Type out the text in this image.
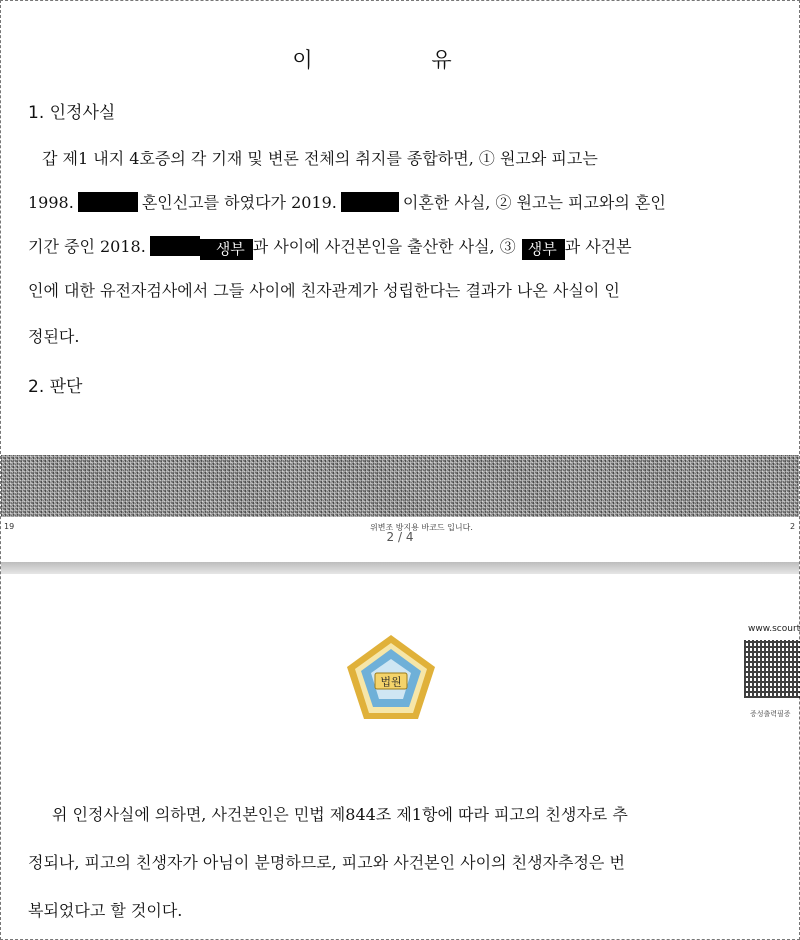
이 유
1. 인정사실
갑 제1 내지 4호증의 각 기재 및 변론 전체의 취지를 종합하면, ① 원고와 피고는
1998.	혼인신고를 하였다가 2019.	이혼한 사실, ② 원고는 피고와의 혼인
기간 중인 2018.	생부 과 사이에 사건본인을 출산한 사실, ③ 생부 과 사건본
인에 대한 유전자검사에서 그들 사이에 친자관계가 성립한다는 결과가 나온 사실이 인
정된다.
2. 판단
19	위변조 방지용 바코드 입니다.	2
2 / 4
법원
www.scourt
증성출력필증
위 인정사실에 의하면, 사건본인은 민법 제844조 제1항에 따라 피고의 친생자로 추
정되나, 피고의 친생자가 아님이 분명하므로, 피고와 사건본인 사이의 친생자추정은 번
복되었다고 할 것이다.
